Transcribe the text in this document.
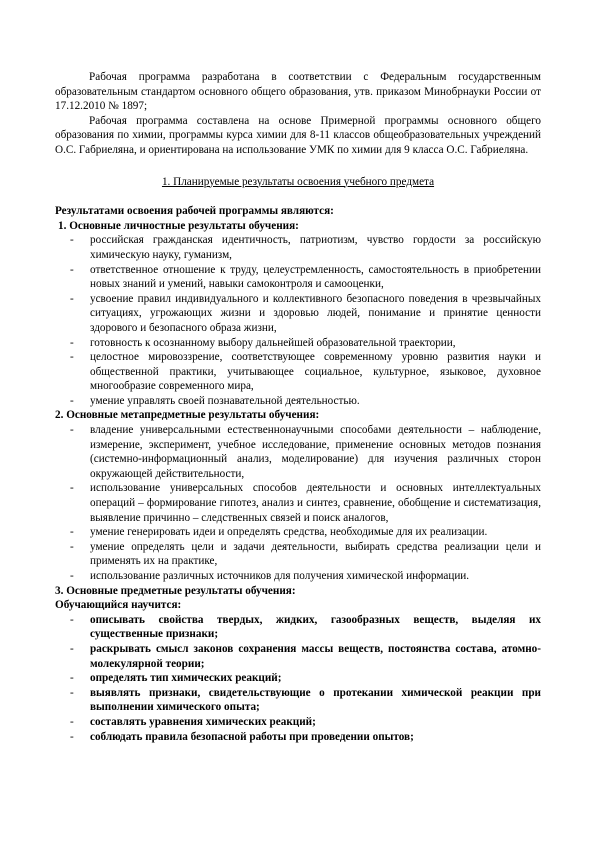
Рабочая программа разработана в соответствии с Федеральным государственным образовательным стандартом основного общего образования, утв. приказом Минобрнауки России от 17.12.2010 № 1897;

Рабочая программа составлена на основе Примерной программы основного общего образования по химии, программы курса химии для 8-11 классов общеобразовательных учреждений О.С. Габриеляна, и ориентирована на использование УМК по химии для 9 класса О.С. Габриеляна.

1. Планируемые результаты освоения учебного предмета

Результатами освоения рабочей программы являются:

1. Основные личностные результаты обучения:

- российская гражданская идентичность, патриотизм, чувство гордости за российскую химическую науку, гуманизм,
- ответственное отношение к труду, целеустремленность, самостоятельность в приобретении новых знаний и умений, навыки самоконтроля и самооценки,
- усвоение правил индивидуального и коллективного безопасного поведения в чрезвычайных ситуациях, угрожающих жизни и здоровью людей, понимание и принятие ценности здорового и безопасного образа жизни,
- готовность к осознанному выбору дальнейшей образовательной траектории,
- целостное мировоззрение, соответствующее современному уровню развития науки и общественной практики, учитывающее социальное, культурное, языковое, духовное многообразие современного мира,
- умение управлять своей познавательной деятельностью.

2. Основные метапредметные результаты обучения:

- владение универсальными естественнонаучными способами деятельности – наблюдение, измерение, эксперимент, учебное исследование, применение основных методов познания (системно-информационный анализ, моделирование) для изучения различных сторон окружающей действительности,
- использование универсальных способов деятельности и основных интеллектуальных операций – формирование гипотез, анализ и синтез, сравнение, обобщение и систематизация, выявление причинно – следственных связей и поиск аналогов,
- умение генерировать идеи и определять средства, необходимые для их реализации.
- умение определять цели и задачи деятельности, выбирать средства реализации цели и применять их на практике,
- использование различных источников для получения химической информации.

3. Основные предметные результаты обучения:

Обучающийся научится:

- описывать свойства твердых, жидких, газообразных веществ, выделяя их существенные признаки;
- раскрывать смысл законов сохранения массы веществ, постоянства состава, атомно-молекулярной теории;
- определять тип химических реакций;
- выявлять признаки, свидетельствующие о протекании химической реакции при выполнении химического опыта;
- составлять уравнения химических реакций;
- соблюдать правила безопасной работы при проведении опытов;
